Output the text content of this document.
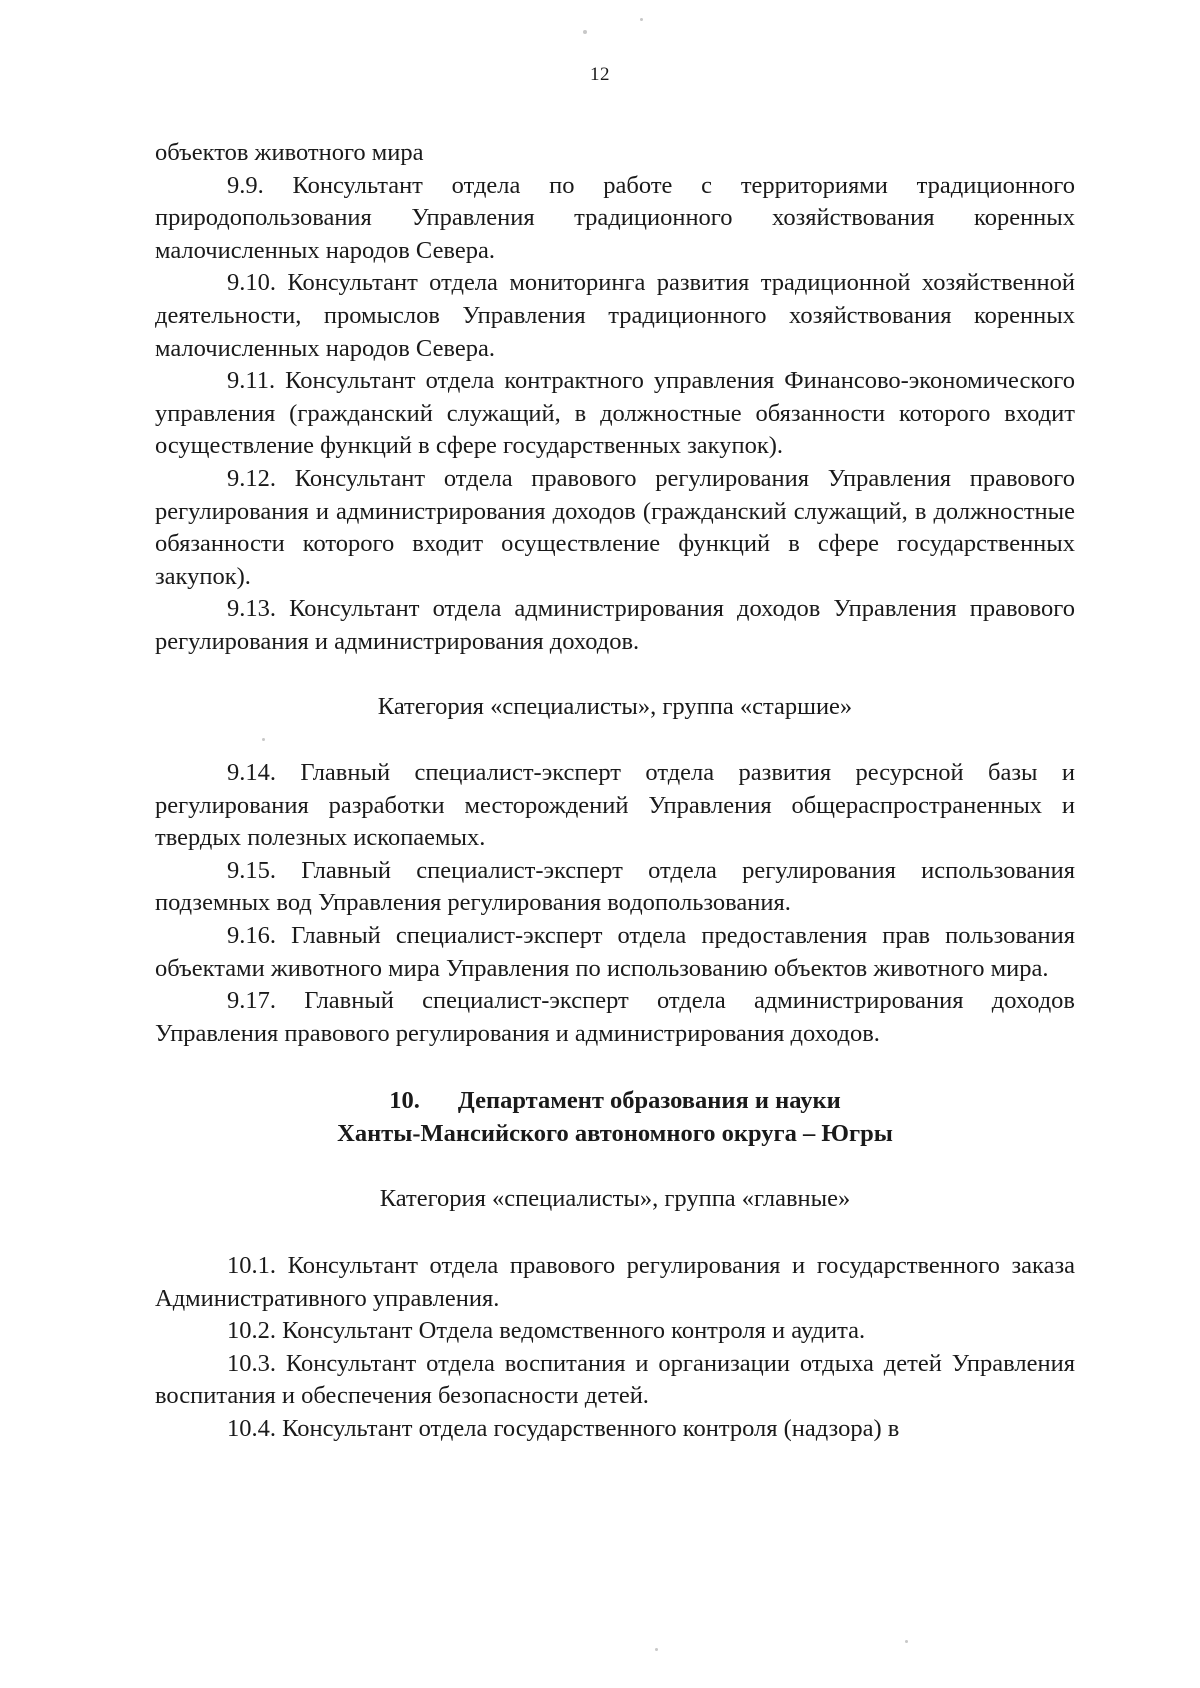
12

объектов животного мира

9.9. Консультант отдела по работе с территориями традиционного природопользования Управления традиционного хозяйствования коренных малочисленных народов Севера.

9.10. Консультант отдела мониторинга развития традиционной хозяйственной деятельности, промыслов Управления традиционного хозяйствования коренных малочисленных народов Севера.

9.11. Консультант отдела контрактного управления Финансово-экономического управления (гражданский служащий, в должностные обязанности которого входит осуществление функций в сфере государственных закупок).

9.12. Консультант отдела правового регулирования Управления правового регулирования и администрирования доходов (гражданский служащий, в должностные обязанности которого входит осуществление функций в сфере государственных закупок).

9.13. Консультант отдела администрирования доходов Управления правового регулирования и администрирования доходов.

Категория «специалисты», группа «старшие»

9.14. Главный специалист-эксперт отдела развития ресурсной базы и регулирования разработки месторождений Управления общераспространенных и твердых полезных ископаемых.

9.15. Главный специалист-эксперт отдела регулирования использования подземных вод Управления регулирования водопользования.

9.16. Главный специалист-эксперт отдела предоставления прав пользования объектами животного мира Управления по использованию объектов животного мира.

9.17. Главный специалист-эксперт отдела администрирования доходов Управления правового регулирования и администрирования доходов.

10. Департамент образования и науки
Ханты-Мансийского автономного округа – Югры

Категория «специалисты», группа «главные»

10.1. Консультант отдела правового регулирования и государственного заказа Административного управления.

10.2. Консультант Отдела ведомственного контроля и аудита.

10.3. Консультант отдела воспитания и организации отдыха детей Управления воспитания и обеспечения безопасности детей.

10.4. Консультант отдела государственного контроля (надзора) в
